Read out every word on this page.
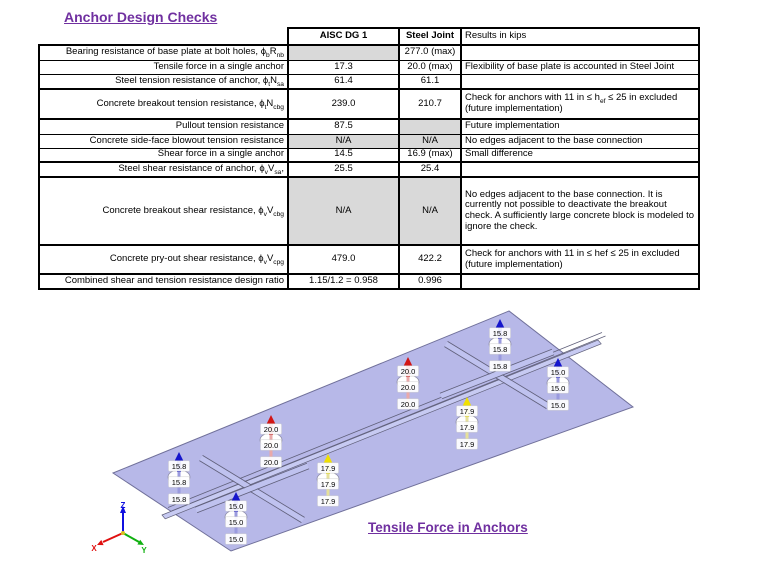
Anchor Design Checks
	AISC DG 1	Steel Joint	Results in kips
Bearing resistance of base plate at bolt holes, $\phi_bR_{nb}$		277.0 (max)	
Tensile force in a single anchor	17.3	20.0 (max)	Flexibility of base plate is accounted in Steel Joint
Steel tension resistance of anchor, $\phi_tN_{sa}$	61.4	61.1	
Concrete breakout tension resistance, $\phi_tN_{cbg}$	239.0	210.7	Check for anchors with 11 in ≤ $h_{ef} \le 25$ in excluded (future implementation)
Pullout tension resistance	87.5		Future implementation
Concrete side-face blowout tension resistance	N/A	N/A	No edges adjacent to the base connection
Shear force in a single anchor	14.5	16.9 (max)	Small difference
Steel shear resistance of anchor, $\phi_vV_{sa}$,	25.5	25.4	
Concrete breakout shear resistance, $\phi_vV_{cbg}$	N/A	N/A	No edges adjacent to the base connection. It is currently not possible to deactivate the breakout check. A sufficiently large concrete block is modeled to ignore the check.
Concrete pry-out shear resistance, $\phi_vV_{cpg}$	479.0	422.2	Check for anchors with 11 in ≤ hef ≤ 25 in excluded (future implementation)
Combined shear and tension resistance design ratio	1.15/1.2 = 0.958	0.996	
15.8
15.8
15.8
15.0
15.0
15.0
20.0
20.0
20.0
17.9
17.9
17.9
20.0
20.0
20.0
17.9
17.9
17.9
15.8
15.8
15.8
15.0
15.0
15.0
Z
X	Y
Tensile Force in Anchors
